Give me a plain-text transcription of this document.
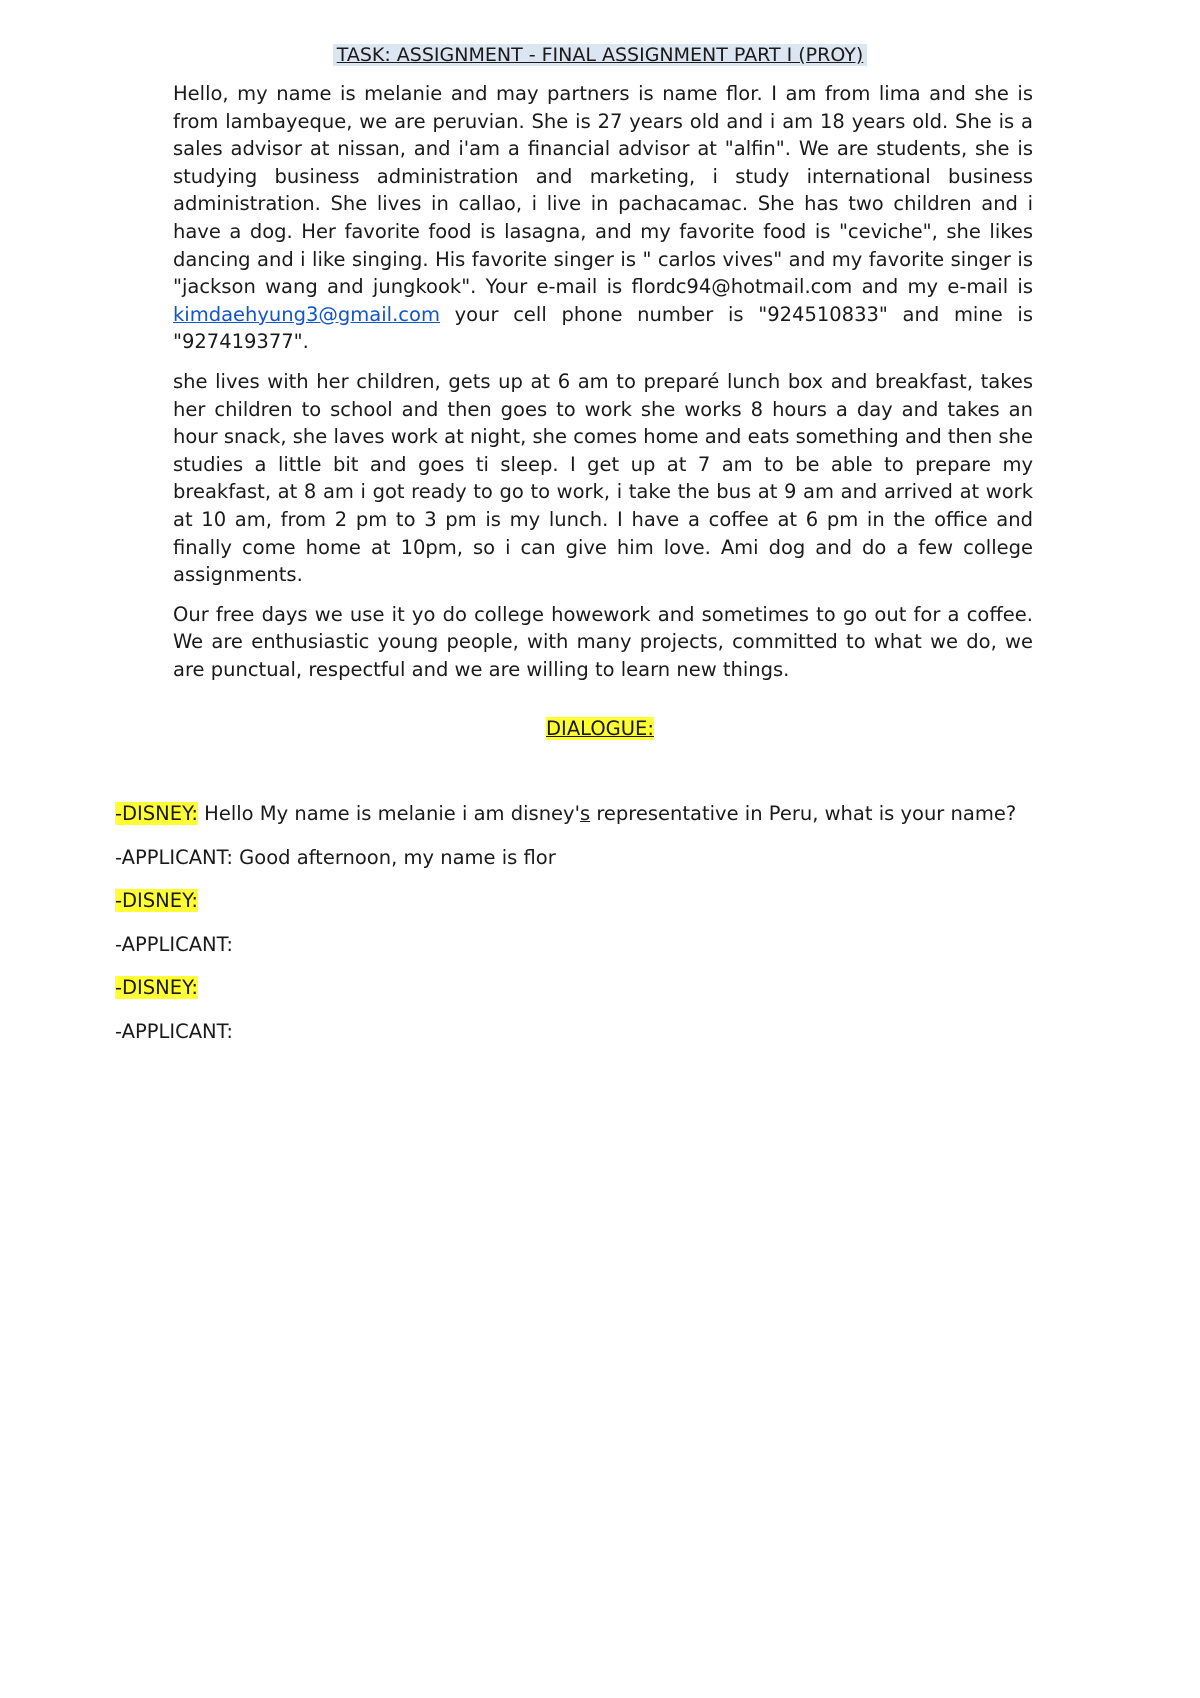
TASK: ASSIGNMENT - FINAL ASSIGNMENT PART I (PROY)

Hello, my name is melanie and may partners is name flor. I am from lima and she is from lambayeque, we are peruvian. She is 27 years old and i am 18 years old. She is a sales advisor at nissan, and i'am a financial advisor at "alfin". We are students, she is studying business administration and marketing, i study international business administration. She lives in callao, i live in pachacamac. She has two children and i have a dog. Her favorite food is lasagna, and my favorite food is "ceviche", she likes dancing and i like singing. His favorite singer is " carlos vives" and my favorite singer is "jackson wang and jungkook". Your e-mail is flordc94@hotmail.com and my e-mail is kimdaehyung3@gmail.com your cell phone number is "924510833" and mine is "927419377".

she lives with her children, gets up at 6 am to preparé lunch box and breakfast, takes her children to school and then goes to work she works 8 hours a day and takes an hour snack, she laves work at night, she comes home and eats something and then she studies a little bit and goes ti sleep. I get up at 7 am to be able to prepare my breakfast, at 8 am i got ready to go to work, i take the bus at 9 am and arrived at work at 10 am, from 2 pm to 3 pm is my lunch. I have a coffee at 6 pm in the office and finally come home at 10pm, so i can give him love. Ami dog and do a few college assignments.

Our free days we use it yo do college howework and sometimes to go out for a coffee. We are enthusiastic young people, with many projects, committed to what we do, we are punctual, respectful and we are willing to learn new things.

DIALOGUE:

-DISNEY: Hello My name is melanie i am disney's representative in Peru, what is your name?

-APPLICANT: Good afternoon, my name is flor

-DISNEY:

-APPLICANT:

-DISNEY:

-APPLICANT:
